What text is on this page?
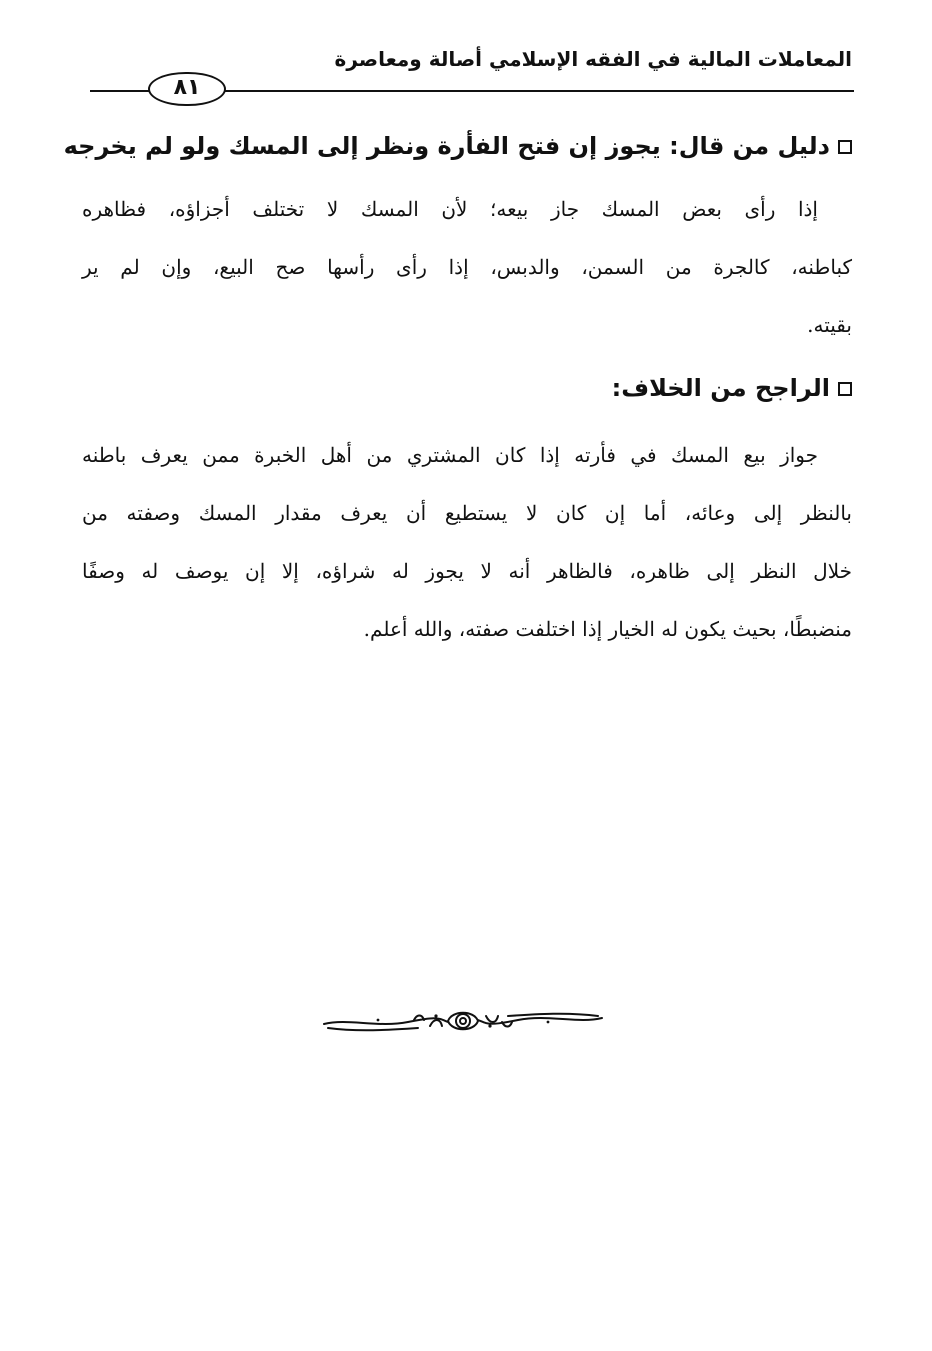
المعاملات المالية في الفقه الإسلامي أصالة ومعاصرة
٨١
دليل من قال: يجوز إن فتح الفأرة ونظر إلى المسك ولو لم يخرجه
إذا رأى بعض المسك جاز بيعه؛ لأن المسك لا تختلف أجزاؤه، فظاهره
كباطنه، كالجرة من السمن، والدبس، إذا رأى رأسها صح البيع، وإن لم ير
بقيته.
الراجح من الخلاف:
جواز بيع المسك في فأرته إذا كان المشتري من أهل الخبرة ممن يعرف باطنه
بالنظر إلى وعائه، أما إن كان لا يستطيع أن يعرف مقدار المسك وصفته من
خلال النظر إلى ظاهره، فالظاهر أنه لا يجوز له شراؤه، إلا إن يوصف له وصفًا
منضبطًا، بحيث يكون له الخيار إذا اختلفت صفته، والله أعلم.
